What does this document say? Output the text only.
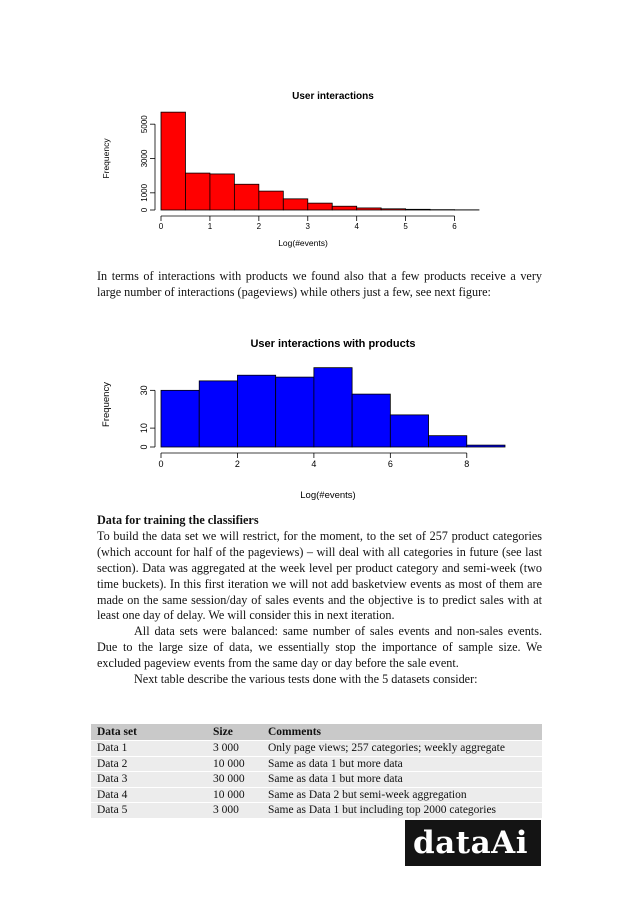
User interactions
0	1	2	3	4	5	6
0
1000
3000
5000
Log(#events)
Frequency

In terms of interactions with products we found also that a few products receive a very large number of interactions (pageviews) while others just a few, see next figure:

User interactions with products
0	2	4	6	8
0
10
30
Log(#events)
Frequency

Data for training the classifiers

To build the data set we will restrict, for the moment, to the set of 257 product categories (which account for half of the pageviews) – will deal with all categories in future (see last section). Data was aggregated at the week level per product category and semi-week (two time buckets). In this first iteration we will not add basketview events as most of them are made on the same session/day of sales events and the objective is to predict sales with at least one day of delay. We will consider this in next iteration.

All data sets were balanced: same number of sales events and non-sales events. Due to the large size of data, we essentially stop the importance of sample size. We excluded pageview events from the same day or day before the sale event.

Next table describe the various tests done with the 5 datasets consider:

Data set	Size	Comments
Data 1	3 000	Only page views; 257 categories; weekly aggregate
Data 2	10 000	Same as data 1 but more data
Data 3	30 000	Same as data 1 but more data
Data 4	10 000	Same as Data 2 but semi-week aggregation
Data 5	3 000	Same as Data 1 but including top 2000 categories
dataAi
